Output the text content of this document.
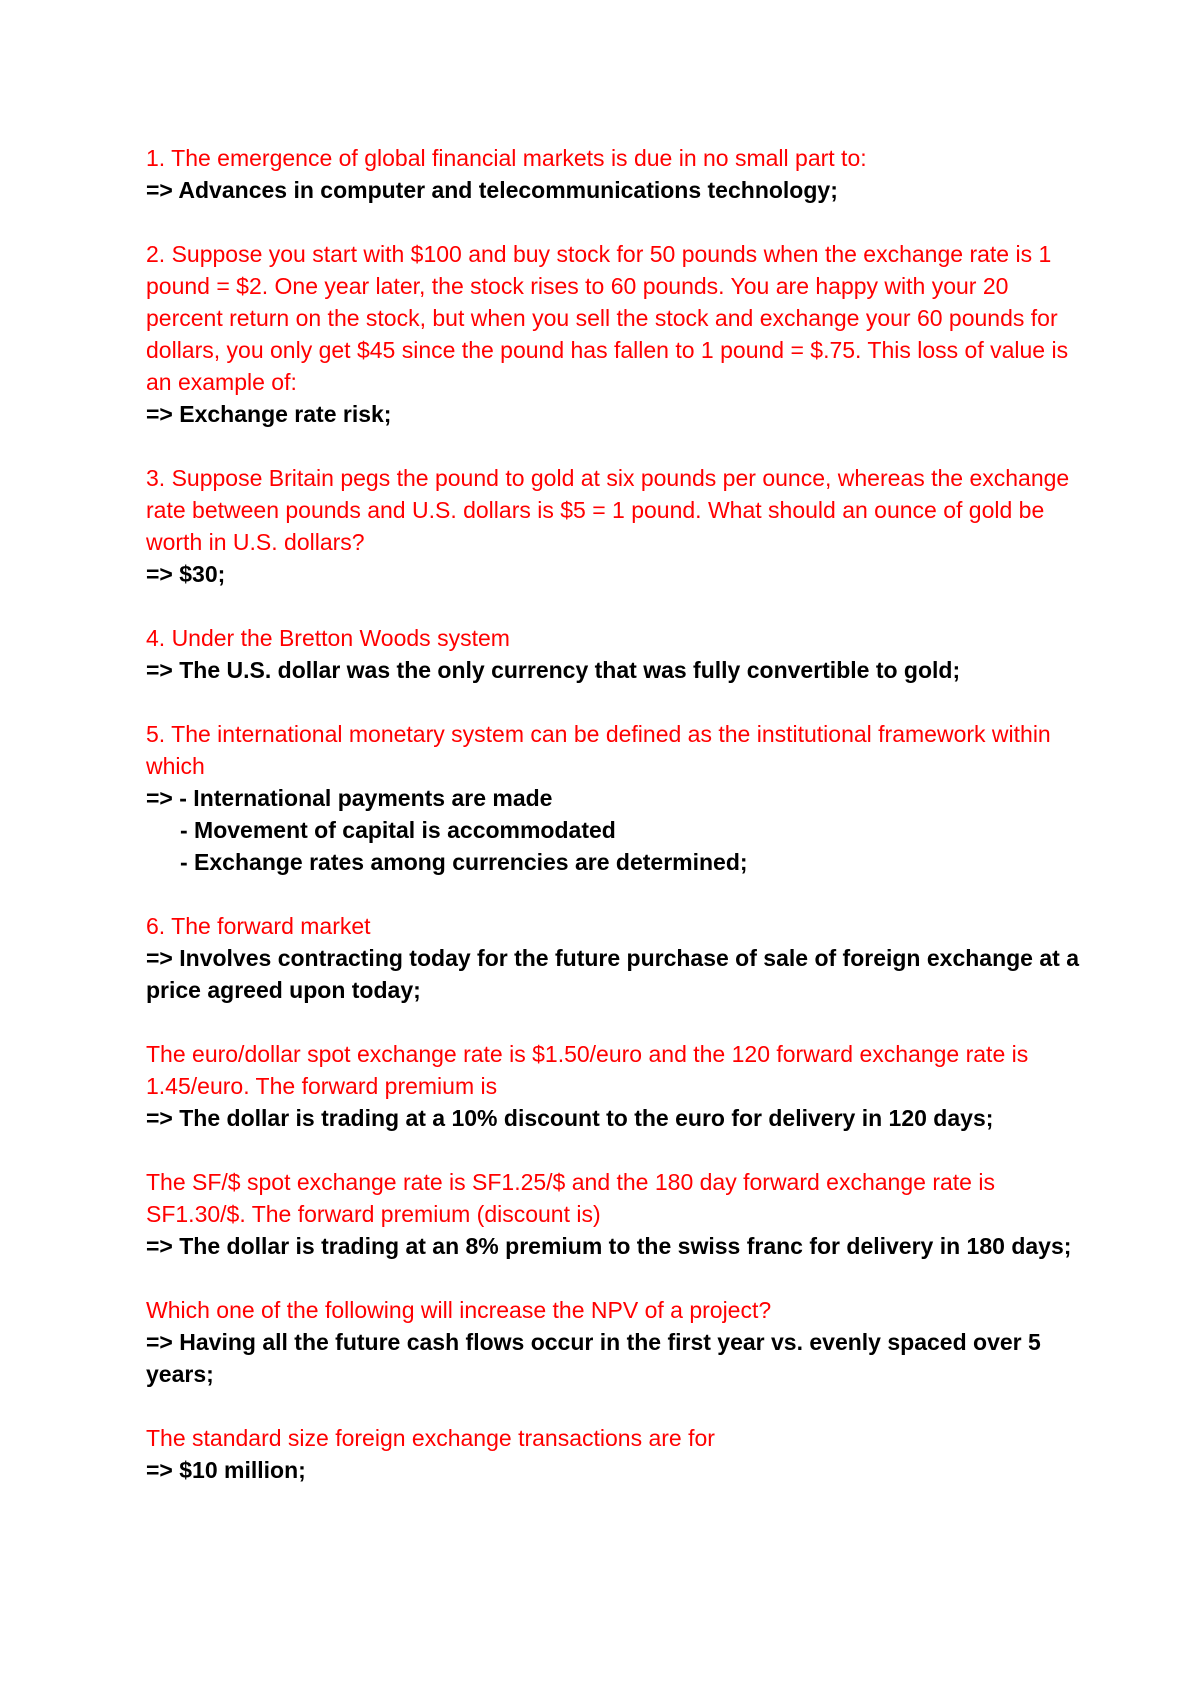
1. The emergence of global financial markets is due in no small part to:

=> Advances in computer and telecommunications technology;

2. Suppose you start with $100 and buy stock for 50 pounds when the exchange rate is 1 pound = $2. One year later, the stock rises to 60 pounds. You are happy with your 20 percent return on the stock, but when you sell the stock and exchange your 60 pounds for dollars, you only get $45 since the pound has fallen to 1 pound = $.75. This loss of value is an example of:

=> Exchange rate risk;

3. Suppose Britain pegs the pound to gold at six pounds per ounce, whereas the exchange rate between pounds and U.S. dollars is $5 = 1 pound. What should an ounce of gold be worth in U.S. dollars?

=> $30;

4. Under the Bretton Woods system

=> The U.S. dollar was the only currency that was fully convertible to gold;

5. The international monetary system can be defined as the institutional framework within which

=> - International payments are made

- Movement of capital is accommodated

- Exchange rates among currencies are determined;

6. The forward market

=> Involves contracting today for the future purchase of sale of foreign exchange at a price agreed upon today;

The euro/dollar spot exchange rate is $1.50/euro and the 120 forward exchange rate is 1.45/euro. The forward premium is

=> The dollar is trading at a 10% discount to the euro for delivery in 120 days;

The SF/$ spot exchange rate is SF1.25/$ and the 180 day forward exchange rate is SF1.30/$. The forward premium (discount is)

=> The dollar is trading at an 8% premium to the swiss franc for delivery in 180 days;

Which one of the following will increase the NPV of a project?

=> Having all the future cash flows occur in the first year vs. evenly spaced over 5 years;

The standard size foreign exchange transactions are for

=> $10 million;
